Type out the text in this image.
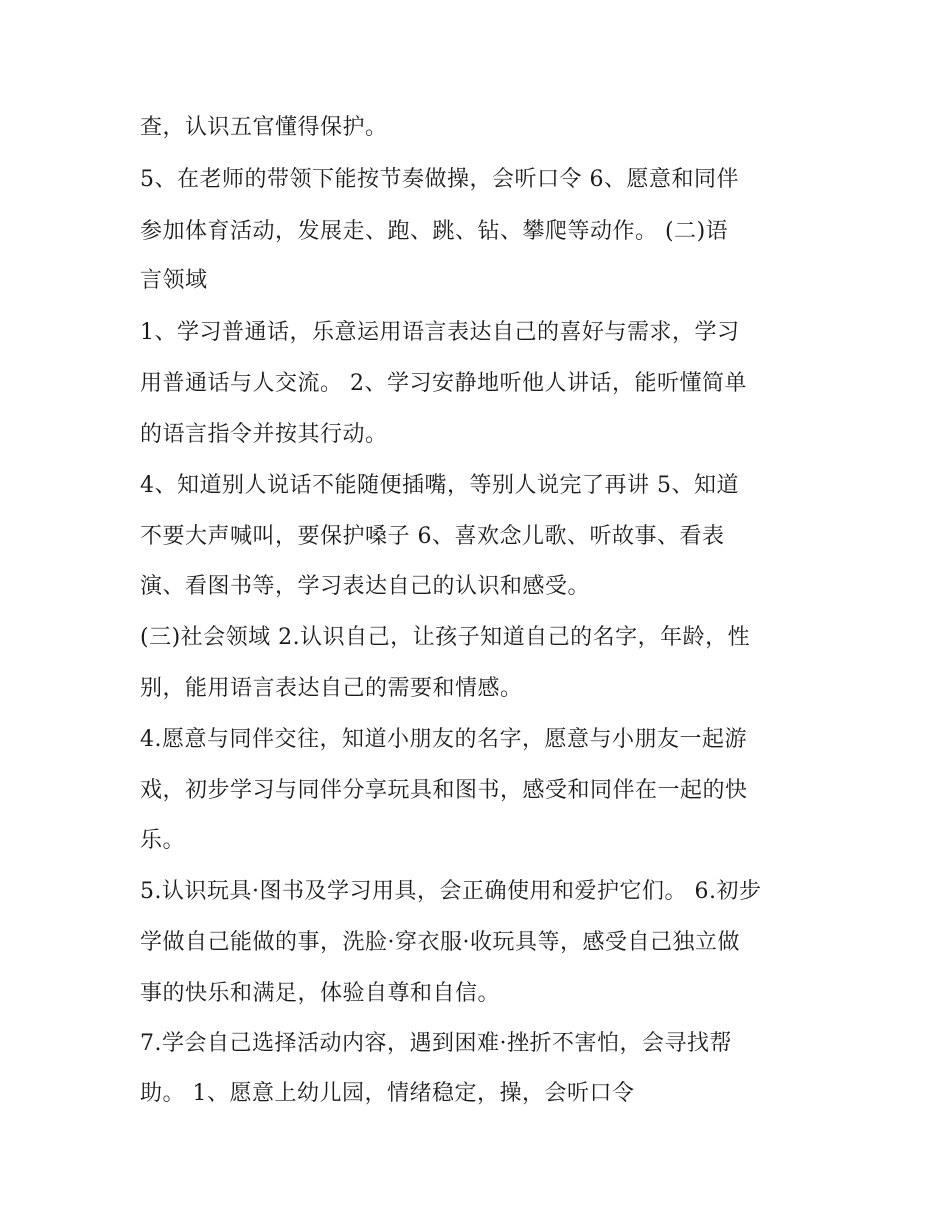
查，认识五官懂得保护。
5、在老师的带领下能按节奏做操，会听口令 6、愿意和同伴
参加体育活动，发展走、跑、跳、钻、攀爬等动作。 (二)语
言领域
1、学习普通话，乐意运用语言表达自己的喜好与需求，学习
用普通话与人交流。 2、学习安静地听他人讲话，能听懂简单
的语言指令并按其行动。
4、知道别人说话不能随便插嘴，等别人说完了再讲 5、知道
不要大声喊叫，要保护嗓子 6、喜欢念儿歌、听故事、看表
演、看图书等，学习表达自己的认识和感受。
(三)社会领域 2.认识自己，让孩子知道自己的名字，年龄，性
别，能用语言表达自己的需要和情感。
4.愿意与同伴交往，知道小朋友的名字，愿意与小朋友一起游
戏，初步学习与同伴分享玩具和图书，感受和同伴在一起的快
乐。
5.认识玩具·图书及学习用具，会正确使用和爱护它们。 6.初步
学做自己能做的事，洗脸·穿衣服·收玩具等，感受自己独立做
事的快乐和满足，体验自尊和自信。
7.学会自己选择活动内容，遇到困难·挫折不害怕，会寻找帮
助。 1、愿意上幼儿园，情绪稳定，操，会听口令
